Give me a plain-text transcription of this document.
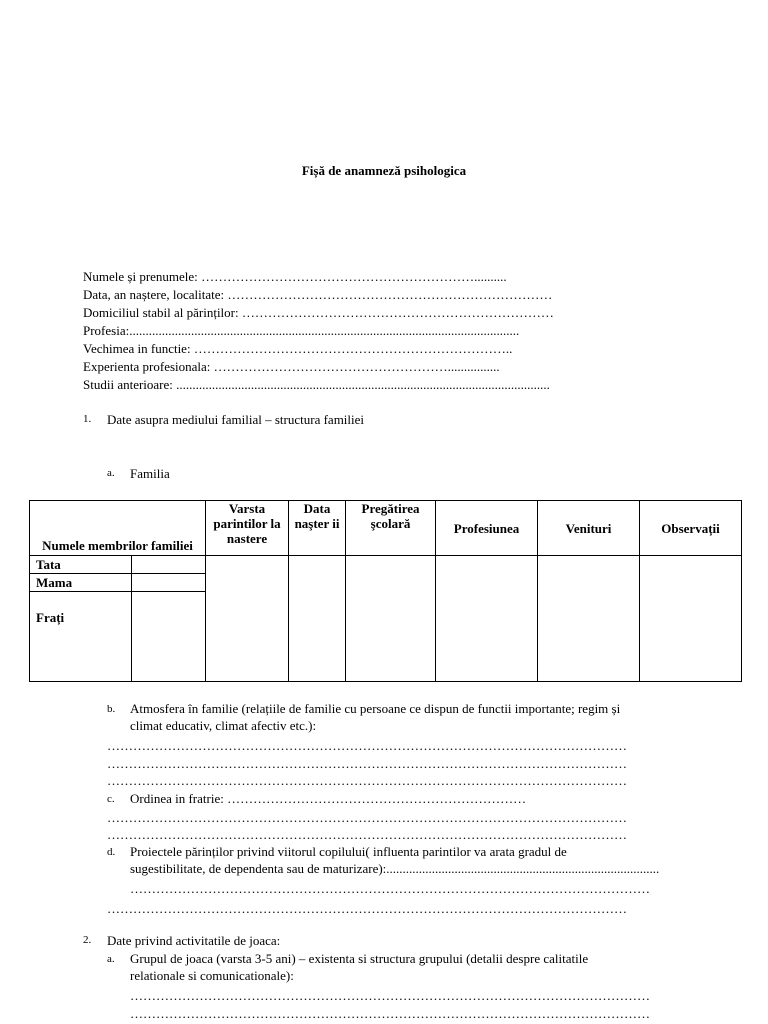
Fișă de anamneză psihologica
Numele și prenumele: ………………………………………………………..........
Data, an naștere, localitate: …………………………………………………………………
Domiciliul stabil al părinților: ………………………………………………………………
Profesia:........................................................................................................................
Vechimea in functie: ………………………………………………………………..
Experienta profesionala: ………………………………………………................
Studii anterioare: ...................................................................................................................
1. Date asupra mediului familial – structura familiei
a. Familia
Numele membrilor familiei		Varsta parintilor la nastere	Data naşter ii	Pregătirea şcolară	Profesiunea	Venituri	Observații
Tata							
Mama							
Frați							
b. Atmosfera în familie (relațiile de familie cu persoane ce dispun de functii importante; regim și
climat educativ, climat afectiv etc.):
…………………………………………………………………………………………………………
…………………………………………………………………………………………………………
…………………………………………………………………………………………………………
c. Ordinea in fratrie: ……………………………………………………………
…………………………………………………………………………………………………………
…………………………………………………………………………………………………………
d. Proiectele părinților privind viitorul copilului( influenta parintilor va arata gradul de
sugestibilitate, de dependenta sau de maturizare):....................................................................................
…………………………………………………………………………………………………………
…………………………………………………………………………………………………………
2. Date privind activitatile de joaca:
a. Grupul de joaca (varsta 3-5 ani) – existenta si structura grupului (detalii despre calitatile
relationale si comunicationale):
…………………………………………………………………………………………………………
…………………………………………………………………………………………………………
